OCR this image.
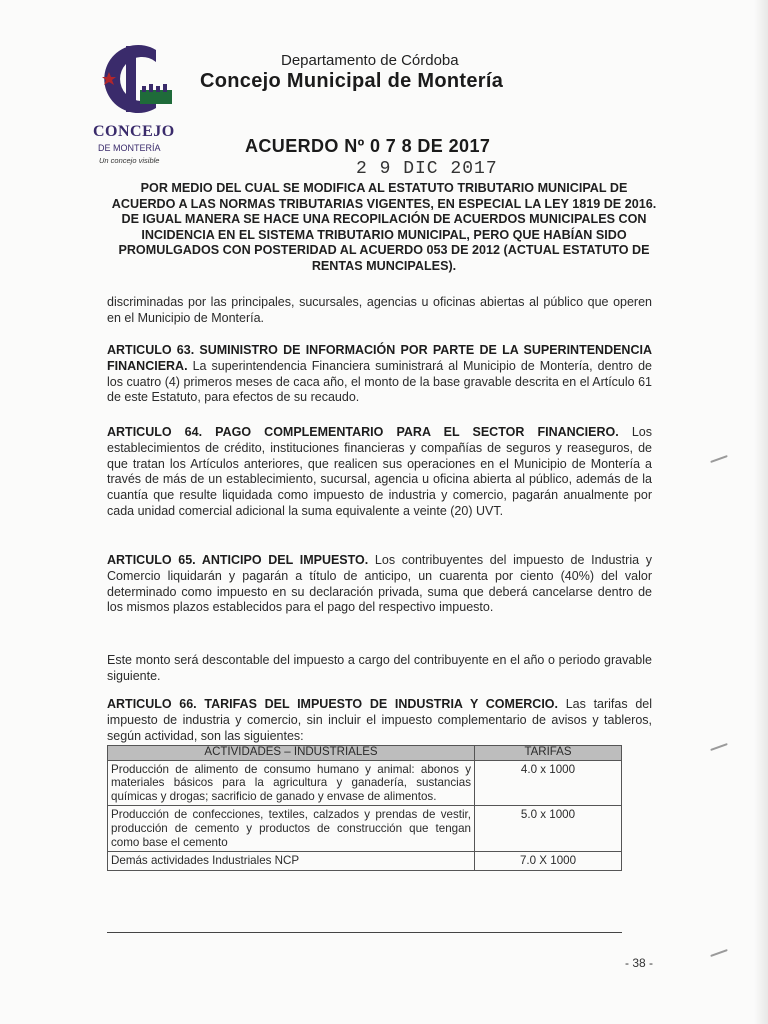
CONCEJO
DE MONTERÍA
Un concejo visible
Departamento de Córdoba
Concejo Municipal de Montería
ACUERDO Nº 0 7 8 DE 2017
2 9 DIC 2017
POR MEDIO DEL CUAL SE MODIFICA AL ESTATUTO TRIBUTARIO MUNICIPAL DE ACUERDO A LAS NORMAS TRIBUTARIAS VIGENTES, EN ESPECIAL LA LEY 1819 DE 2016. DE IGUAL MANERA SE HACE UNA RECOPILACIÓN DE ACUERDOS MUNICIPALES CON INCIDENCIA EN EL SISTEMA TRIBUTARIO MUNICIPAL, PERO QUE HABÍAN SIDO PROMULGADOS CON POSTERIDAD AL ACUERDO 053 DE 2012 (ACTUAL ESTATUTO DE RENTAS MUNCIPALES).

discriminadas por las principales, sucursales, agencias u oficinas abiertas al público que operen en el Municipio de Montería.

ARTICULO 63. SUMINISTRO DE INFORMACIÓN POR PARTE DE LA SUPERINTENDENCIA FINANCIERA. La superintendencia Financiera suministrará al Municipio de Montería, dentro de los cuatro (4) primeros meses de caca año, el monto de la base gravable descrita en el Artículo 61 de este Estatuto, para efectos de su recaudo.

ARTICULO 64. PAGO COMPLEMENTARIO PARA EL SECTOR FINANCIERO. Los establecimientos de crédito, instituciones financieras y compañías de seguros y reaseguros, de que tratan los Artículos anteriores, que realicen sus operaciones en el Municipio de Montería a través de más de un establecimiento, sucursal, agencia u oficina abierta al público, además de la cuantía que resulte liquidada como impuesto de industria y comercio, pagarán anualmente por cada unidad comercial adicional la suma equivalente a veinte (20) UVT.

ARTICULO 65. ANTICIPO DEL IMPUESTO. Los contribuyentes del impuesto de Industria y Comercio liquidarán y pagarán a título de anticipo, un cuarenta por ciento (40%) del valor determinado como impuesto en su declaración privada, suma que deberá cancelarse dentro de los mismos plazos establecidos para el pago del respectivo impuesto.

Este monto será descontable del impuesto a cargo del contribuyente en el año o periodo gravable siguiente.

ARTICULO 66. TARIFAS DEL IMPUESTO DE INDUSTRIA Y COMERCIO. Las tarifas del impuesto de industria y comercio, sin incluir el impuesto complementario de avisos y tableros, según actividad, son las siguientes:

ACTIVIDADES – INDUSTRIALES	TARIFAS
Producción de alimento de consumo humano y animal: abonos y materiales básicos para la agricultura y ganadería, sustancias químicas y drogas; sacrificio de ganado y envase de alimentos.	4.0 x 1000
Producción de confecciones, textiles, calzados y prendas de vestir, producción de cemento y productos de construcción que tengan como base el cemento	5.0 x 1000
Demás actividades Industriales NCP	7.0 X 1000
- 38 -
